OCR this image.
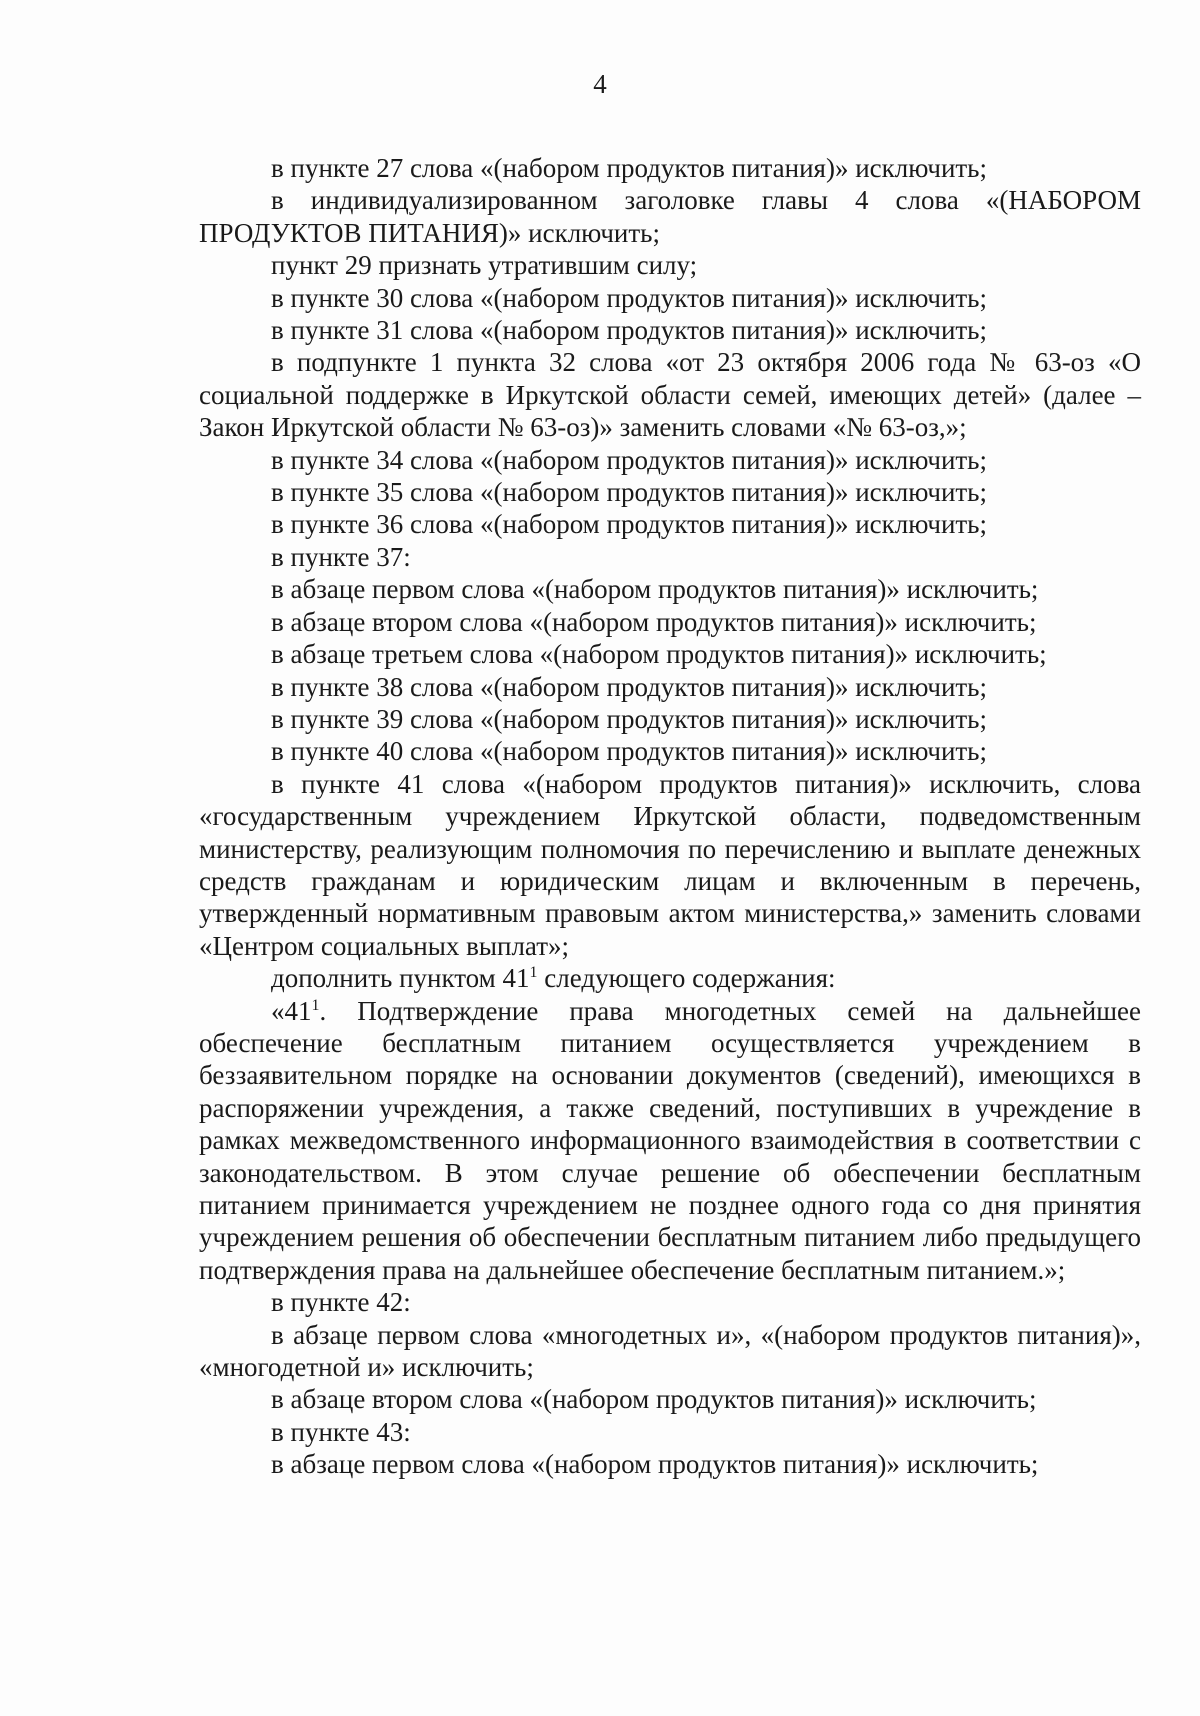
4

в пункте 27 слова «(набором продуктов питания)» исключить;

в индивидуализированном заголовке главы 4 слова «(НАБОРОМ ПРОДУКТОВ ПИТАНИЯ)» исключить;

пункт 29 признать утратившим силу;

в пункте 30 слова «(набором продуктов питания)» исключить;

в пункте 31 слова «(набором продуктов питания)» исключить;

в подпункте 1 пункта 32 слова «от 23 октября 2006 года № 63-оз «О социальной поддержке в Иркутской области семей, имеющих детей» (далее – Закон Иркутской области № 63-оз)» заменить словами «№ 63-оз,»;

в пункте 34 слова «(набором продуктов питания)» исключить;

в пункте 35 слова «(набором продуктов питания)» исключить;

в пункте 36 слова «(набором продуктов питания)» исключить;

в пункте 37:

в абзаце первом слова «(набором продуктов питания)» исключить;

в абзаце втором слова «(набором продуктов питания)» исключить;

в абзаце третьем слова «(набором продуктов питания)» исключить;

в пункте 38 слова «(набором продуктов питания)» исключить;

в пункте 39 слова «(набором продуктов питания)» исключить;

в пункте 40 слова «(набором продуктов питания)» исключить;

в пункте 41 слова «(набором продуктов питания)» исключить, слова «государственным учреждением Иркутской области, подведомственным министерству, реализующим полномочия по перечислению и выплате денежных средств гражданам и юридическим лицам и включенным в перечень, утвержденный нормативным правовым актом министерства,» заменить словами «Центром социальных выплат»;

дополнить пунктом $41^1$ следующего содержания:

«$41^1$. Подтверждение права многодетных семей на дальнейшее обеспечение бесплатным питанием осуществляется учреждением в беззаявительном порядке на основании документов (сведений), имеющихся в распоряжении учреждения, а также сведений, поступивших в учреждение в рамках межведомственного информационного взаимодействия в соответствии с законодательством. В этом случае решение об обеспечении бесплатным питанием принимается учреждением не позднее одного года со дня принятия учреждением решения об обеспечении бесплатным питанием либо предыдущего подтверждения права на дальнейшее обеспечение бесплатным питанием.»;

в пункте 42:

в абзаце первом слова «многодетных и», «(набором продуктов питания)», «многодетной и» исключить;

в абзаце втором слова «(набором продуктов питания)» исключить;

в пункте 43:

в абзаце первом слова «(набором продуктов питания)» исключить;
